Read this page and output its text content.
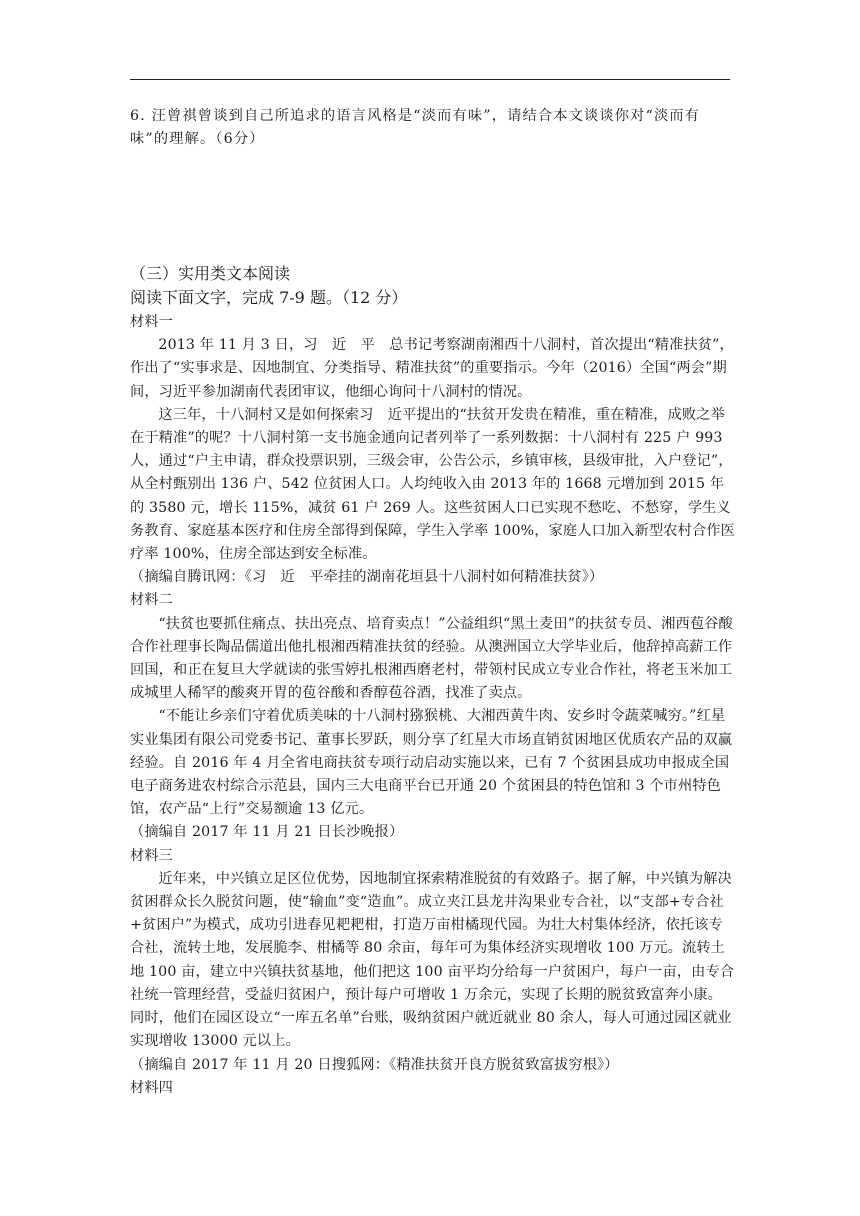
6. 汪曾祺曾谈到自己所追求的语言风格是“淡而有味”，请结合本文谈谈你对“淡而有味”的理解。（6分）

（三）实用类文本阅读
阅读下面文字，完成 7-9 题。（12 分）

材料一

2013 年 11 月 3 日，习　近　平　总书记考察湖南湘西十八洞村，首次提出“精准扶贫”，作出了“实事求是、因地制宜、分类指导、精准扶贫”的重要指示。今年（2016）全国“两会”期间，习近平参加湖南代表团审议，他细心询问十八洞村的情况。

这三年，十八洞村又是如何探索习　近平提出的“扶贫开发贵在精准，重在精准，成败之举在于精准”的呢？十八洞村第一支书施金通向记者列举了一系列数据：十八洞村有 225 户 993 人，通过“户主申请，群众投票识别，三级会审，公告公示，乡镇审核，县级审批，入户登记”，从全村甄别出 136 户、542 位贫困人口。人均纯收入由 2013 年的 1668 元增加到 2015 年的 3580 元，增长 115%，减贫 61 户 269 人。这些贫困人口已实现不愁吃、不愁穿，学生义务教育、家庭基本医疗和住房全部得到保障，学生入学率 100%，家庭人口加入新型农村合作医疗率 100%，住房全部达到安全标准。

（摘编自腾讯网：《习　近　平牵挂的湖南花垣县十八洞村如何精准扶贫》）

材料二

“扶贫也要抓住痛点、扶出亮点、培育卖点！”公益组织“黑土麦田”的扶贫专员、湘西苞谷酸合作社理事长陶品儒道出他扎根湘西精准扶贫的经验。从澳洲国立大学毕业后，他辞掉高薪工作回国，和正在复旦大学就读的张雪婷扎根湘西磨老村，带领村民成立专业合作社，将老玉米加工成城里人稀罕的酸爽开胃的苞谷酸和香醇苞谷酒，找准了卖点。

“不能让乡亲们守着优质美味的十八洞村猕猴桃、大湘西黄牛肉、安乡时令蔬菜喊穷。”红星实业集团有限公司党委书记、董事长罗跃，则分享了红星大市场直销贫困地区优质农产品的双赢经验。自 2016 年 4 月全省电商扶贫专项行动启动实施以来，已有 7 个贫困县成功申报成全国电子商务进农村综合示范县，国内三大电商平台已开通 20 个贫困县的特色馆和 3 个市州特色馆，农产品“上行”交易额逾 13 亿元。

（摘编自 2017 年 11 月 21 日长沙晚报）

材料三

近年来，中兴镇立足区位优势，因地制宜探索精准脱贫的有效路子。据了解，中兴镇为解决贫困群众长久脱贫问题，使“输血”变“造血”。成立夹江县龙井沟果业专合社，以“支部+专合社+贫困户”为模式，成功引进春见耙耙柑，打造万亩柑橘现代园。为壮大村集体经济，依托该专合社，流转土地，发展脆李、柑橘等 80 余亩，每年可为集体经济实现增收 100 万元。流转土地 100 亩，建立中兴镇扶贫基地，他们把这 100 亩平均分给每一户贫困户，每户一亩，由专合社统一管理经营，受益归贫困户，预计每户可增收 1 万余元，实现了长期的脱贫致富奔小康。同时，他们在园区设立“一库五名单”台账，吸纳贫困户就近就业 80 余人，每人可通过园区就业实现增收 13000 元以上。

（摘编自 2017 年 11 月 20 日搜狐网：《精准扶贫开良方脱贫致富拔穷根》）

材料四
